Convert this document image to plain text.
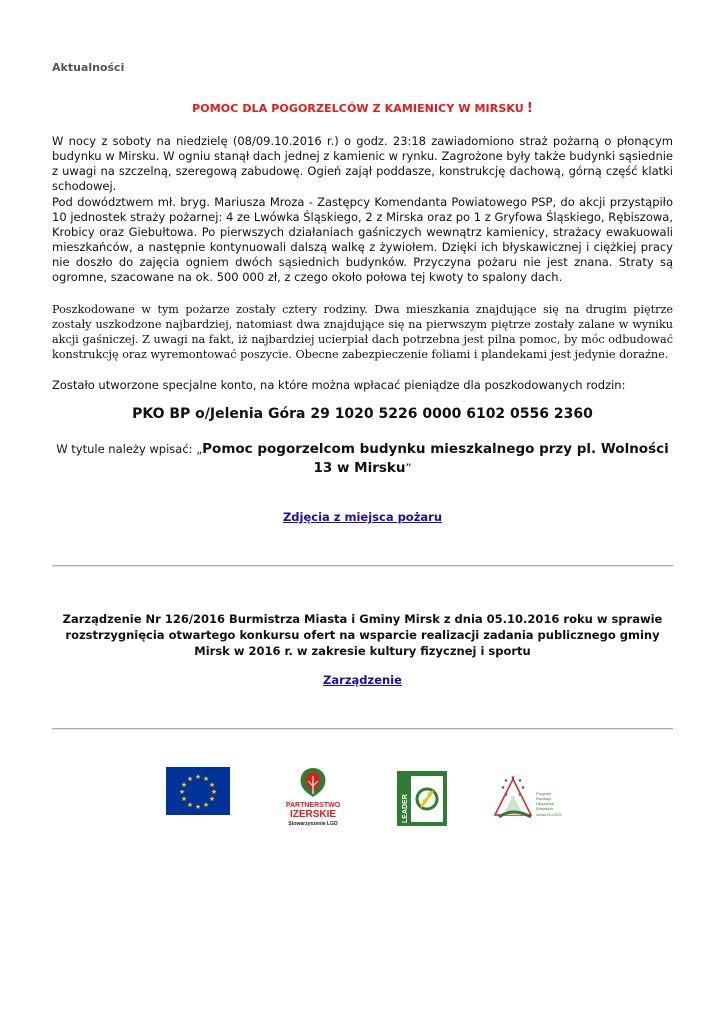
Aktualności
POMOC DLA POGORZELCÓW Z KAMIENICY W MIRSKU !

W nocy z soboty na niedzielę (08/09.10.2016 r.) o godz. 23:18 zawiadomiono straż pożarną o płonącym budynku w Mirsku. W ogniu stanął dach jednej z kamienic w rynku. Zagrożone były także budynki sąsiednie z uwagi na szczelną, szeregową zabudowę. Ogień zajął poddasze, konstrukcję dachową, górną część klatki schodowej.

Pod dowództwem mł. bryg. Mariusza Mroza - Zastępcy Komendanta Powiatowego PSP, do akcji przystąpiło 10 jednostek straży pożarnej: 4 ze Lwówka Śląskiego, 2 z Mirska oraz po 1 z Gryfowa Śląskiego, Rębiszowa, Krobicy oraz Giebułtowa. Po pierwszych działaniach gaśniczych wewnątrz kamienicy, strażacy ewakuowali mieszkańców, a następnie kontynuowali dalszą walkę z żywiołem. Dzięki ich błyskawicznej i ciężkiej pracy nie doszło do zajęcia ogniem dwóch sąsiednich budynków. Przyczyna pożaru nie jest znana. Straty są ogromne, szacowane na ok. 500 000 zł, z czego około połowa tej kwoty to spalony dach.

Poszkodowane w tym pożarze zostały cztery rodziny. Dwa mieszkania znajdujące się na drugim piętrze zostały uszkodzone najbardziej, natomiast dwa znajdujące się na pierwszym piętrze zostały zalane w wyniku akcji gaśniczej. Z uwagi na fakt, iż najbardziej ucierpiał dach potrzebna jest pilna pomoc, by móc odbudować konstrukcję oraz wyremontować poszycie. Obecne zabezpieczenie foliami i plandekami jest jedynie doraźne.

Zostało utworzone specjalne konto, na które można wpłacać pieniądze dla poszkodowanych rodzin:

PKO BP o/Jelenia Góra 29 1020 5226 0000 6102 0556 2360
W tytule należy wpisać: „Pomoc pogorzelcom budynku mieszkalnego przy pl. Wolności 13 w Mirsku”
Zdjęcia z miejsca pożaru
Zarządzenie Nr 126/2016 Burmistrza Miasta i Gminy Mirsk z dnia 05.10.2016 roku w sprawie rozstrzygnięcia otwartego konkursu ofert na wsparcie realizacji zadania publicznego gminy Mirsk w 2016 r. w zakresie kultury fizycznej i sportu
Zarządzenie
★ ★
★
★
★
★
★
★
★
★
★
★
PARTNERSTWO
IZERSKIE
Stowarzyszenie LGD
LEADER
★ ★
★
★
★
★
★
Program
Rozwoju
Obszarów
Wiejskich
na lata 2014-2020
